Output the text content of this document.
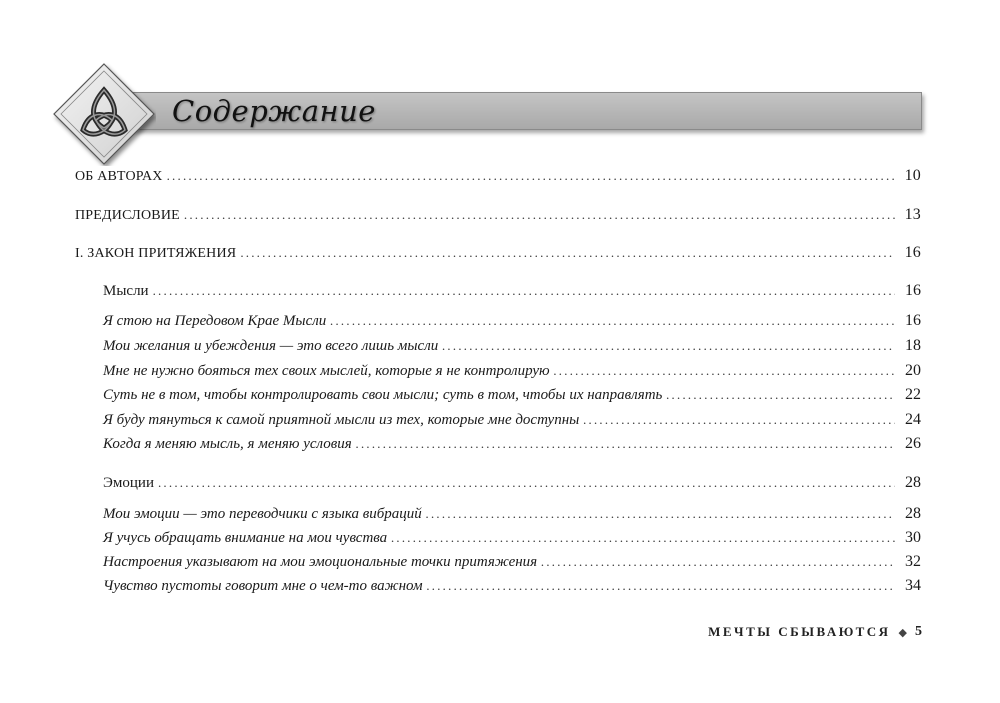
Содержание
ОБ АВТОРАХ .....	10
ПРЕДИСЛОВИЕ .....	13
I. ЗАКОН ПРИТЯЖЕНИЯ .....	16
Мысли .....	16
Я стою на Передовом Крае Мысли .....	16
Мои желания и убеждения — это всего лишь мысли .....	18
Мне не нужно бояться тех своих мыслей, которые я не контролирую .....	20
Суть не в том, чтобы контролировать свои мысли; суть в том, чтобы их направлять .....	22
Я буду тянуться к самой приятной мысли из тех, которые мне доступны .....	24
Когда я меняю мысль, я меняю условия .....	26
Эмоции .....	28
Мои эмоции — это переводчики с языка вибраций .....	28
Я учусь обращать внимание на мои чувства .....	30
Настроения указывают на мои эмоциональные точки притяжения .....	32
Чувство пустоты говорит мне о чем-то важном .....	34
МЕЧТЫ СБЫВАЮТСЯ ◆ 5
